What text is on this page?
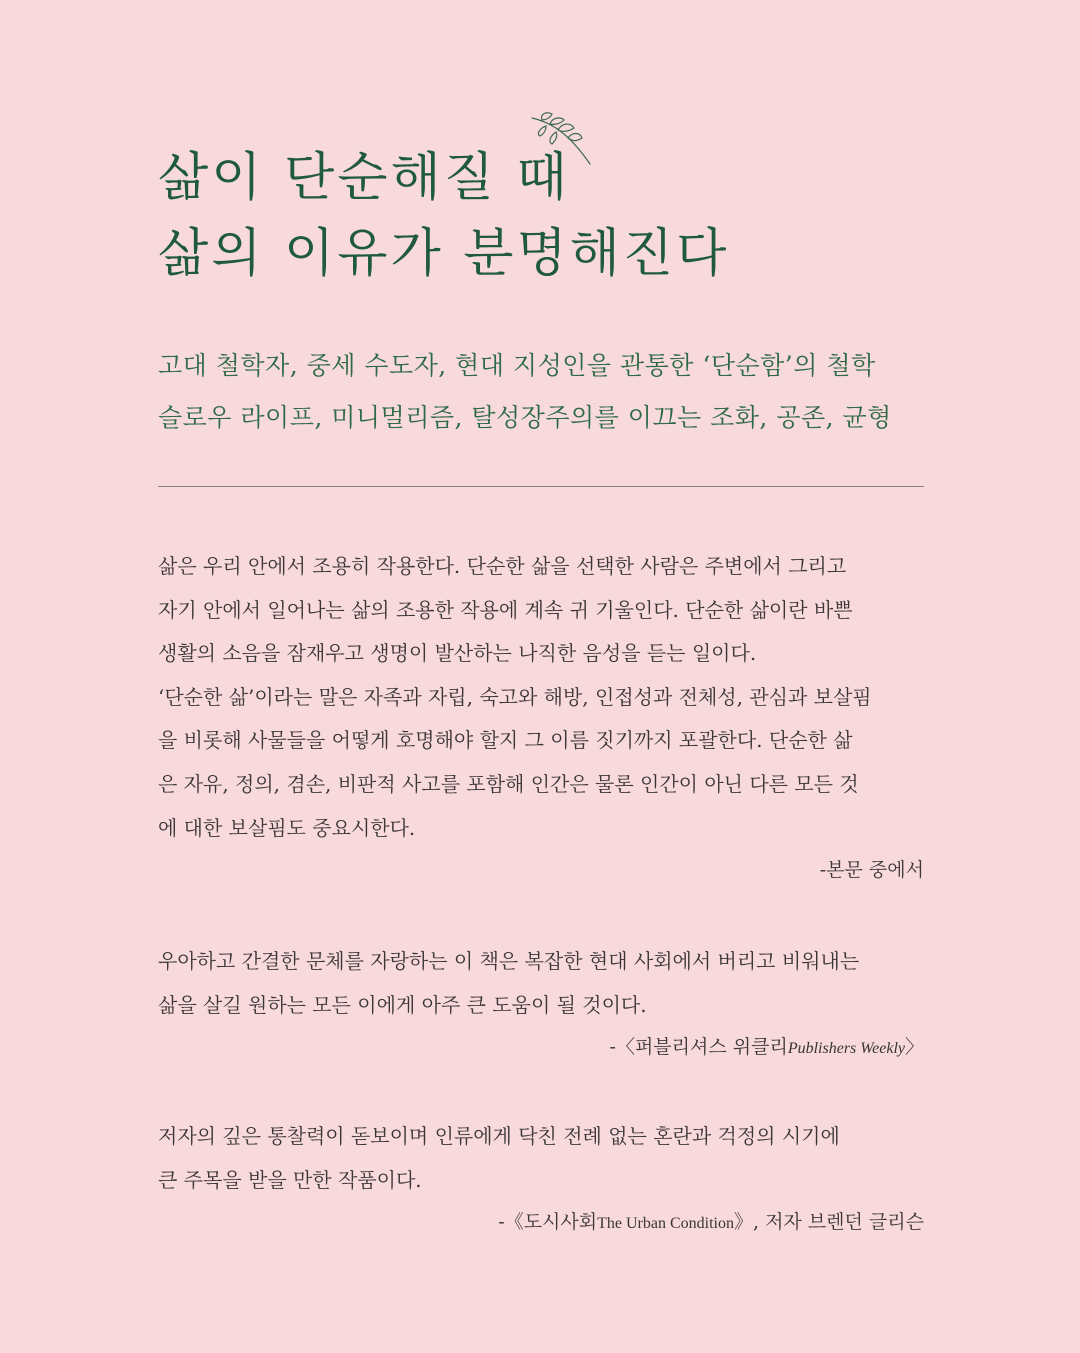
삶이 단순해질 때
삶의 이유가 분명해진다
고대 철학자, 중세 수도자, 현대 지성인을 관통한 ‘단순함’의 철학
슬로우 라이프, 미니멀리즘, 탈성장주의를 이끄는 조화, 공존, 균형
삶은 우리 안에서 조용히 작용한다. 단순한 삶을 선택한 사람은 주변에서 그리고
자기 안에서 일어나는 삶의 조용한 작용에 계속 귀 기울인다. 단순한 삶이란 바쁜
생활의 소음을 잠재우고 생명이 발산하는 나직한 음성을 듣는 일이다.
‘단순한 삶’이라는 말은 자족과 자립, 숙고와 해방, 인접성과 전체성, 관심과 보살핌
을 비롯해 사물들을 어떻게 호명해야 할지 그 이름 짓기까지 포괄한다. 단순한 삶
은 자유, 정의, 겸손, 비판적 사고를 포함해 인간은 물론 인간이 아닌 다른 모든 것
에 대한 보살핌도 중요시한다.
-본문 중에서
우아하고 간결한 문체를 자랑하는 이 책은 복잡한 현대 사회에서 버리고 비워내는
삶을 살길 원하는 모든 이에게 아주 큰 도움이 될 것이다.
-〈퍼블리셔스 위클리Publishers Weekly〉
저자의 깊은 통찰력이 돋보이며 인류에게 닥친 전례 없는 혼란과 걱정의 시기에
큰 주목을 받을 만한 작품이다.
-《도시사회The Urban Condition》, 저자 브렌던 글리슨
